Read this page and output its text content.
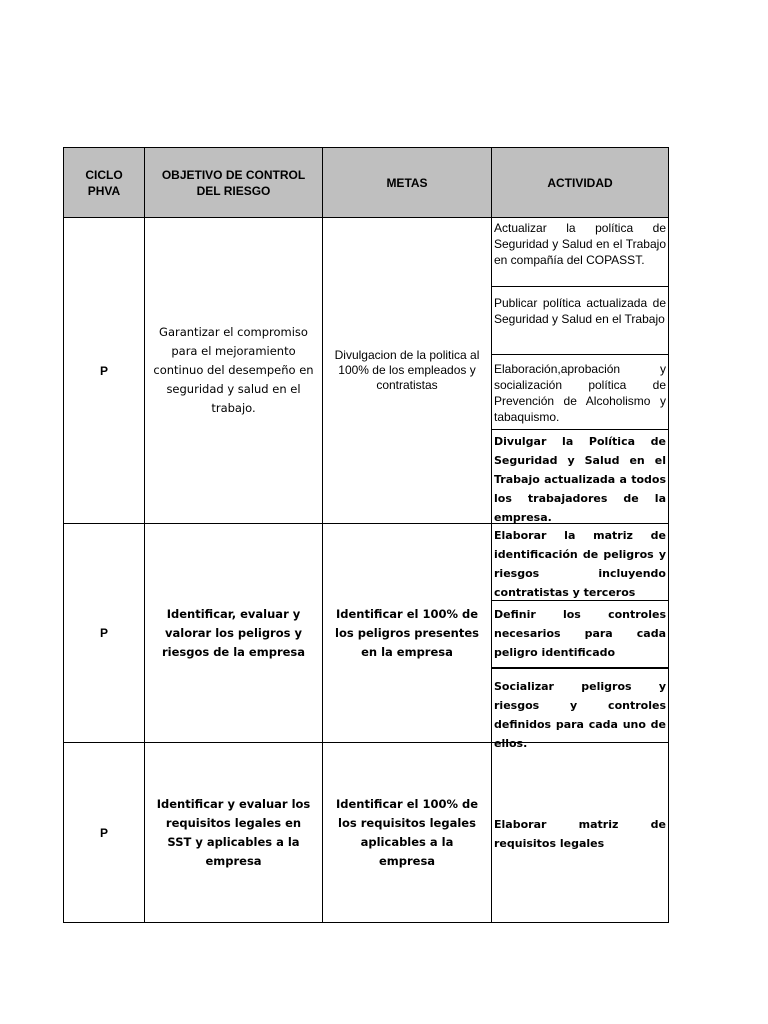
CICLO PHVA
OBJETIVO DE CONTROL DEL RIESGO
METAS	ACTIVIDAD
P
Garantizar el compromiso para el mejoramiento continuo del desempeño en seguridad y salud en el trabajo.
Divulgacion de la politica al 100% de los empleados y contratistas
Actualizar la política de Seguridad y Salud en el Trabajo en compañía del COPASST.
Publicar política actualizada de Seguridad y Salud en el Trabajo
Elaboración,aprobación y socialización política de Prevención de Alcoholismo y tabaquismo.
Divulgar la Política de Seguridad y Salud en el Trabajo actualizada a todos los trabajadores de la empresa.
P
Identificar, evaluar y valorar los peligros y riesgos de la empresa
Identificar el 100% de los peligros presentes en la empresa
Elaborar la matriz de identificación de peligros y riesgos incluyendo contratistas y terceros
Definir los controles necesarios para cada peligro identificado
Socializar peligros y riesgos y controles definidos para cada uno de ellos.
P
Identificar y evaluar los requisitos legales en SST y aplicables a la empresa
Identificar el 100% de los requisitos legales aplicables a la empresa
Elaborar matriz de requisitos legales
